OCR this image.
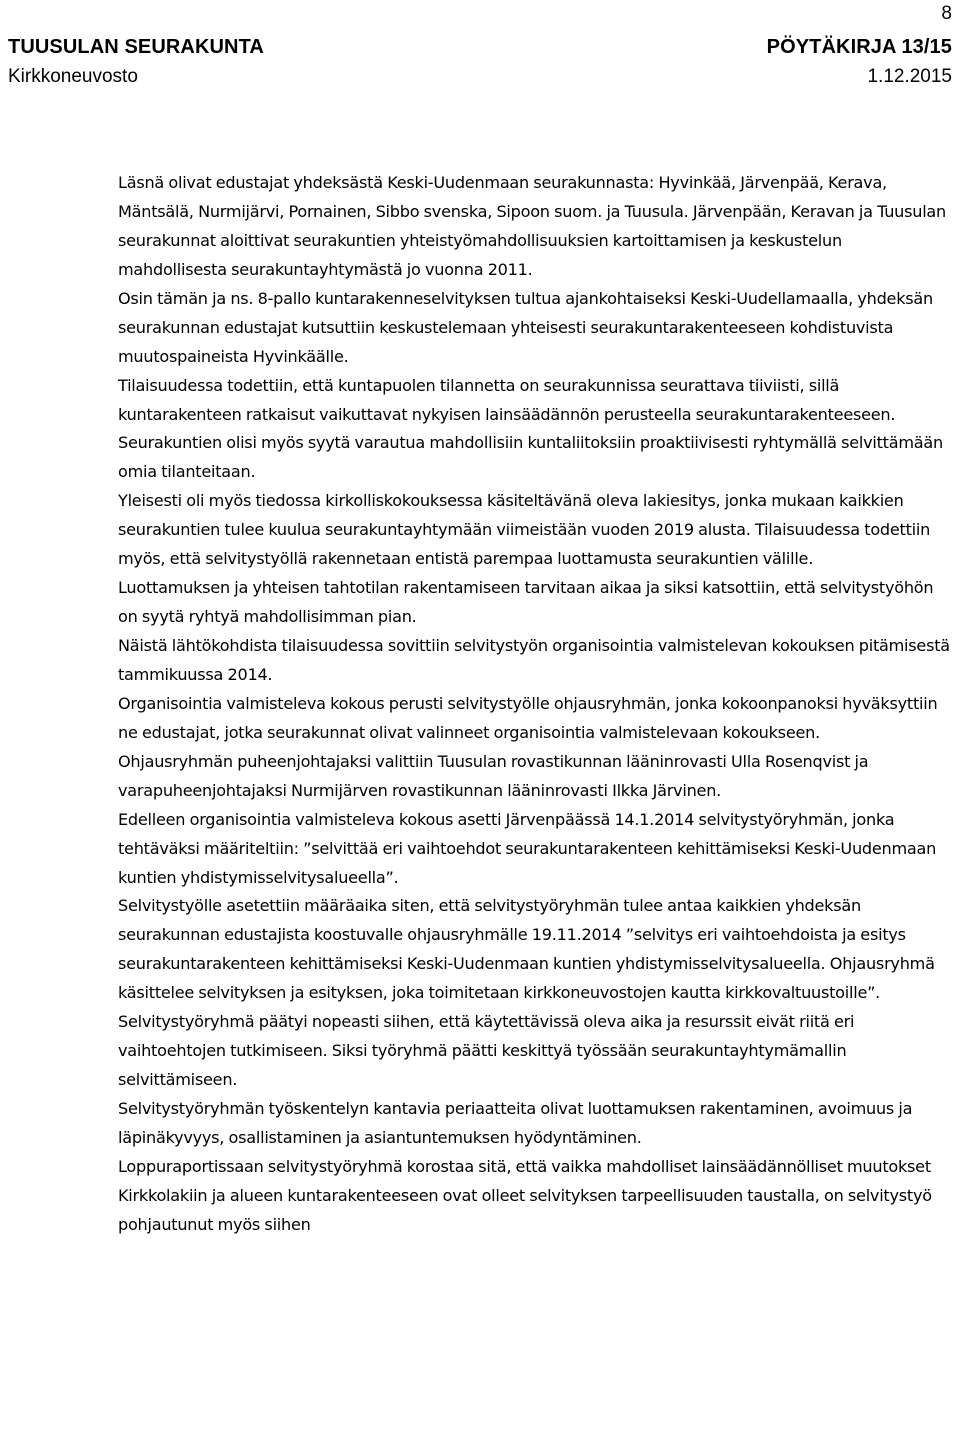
8
TUUSULAN SEURAKUNTA	PÖYTÄKIRJA 13/15
Kirkkoneuvosto	1.12.2015

Läsnä olivat edustajat yhdeksästä Keski-Uudenmaan seurakunnasta: Hyvinkää, Järvenpää, Kerava, Mäntsälä, Nurmijärvi, Pornainen, Sibbo svenska, Sipoon suom. ja Tuusula. Järvenpään, Keravan ja Tuusulan seurakunnat aloittivat seurakuntien yhteistyömahdollisuuksien kartoittamisen ja keskustelun mahdollisesta seurakuntayhtymästä jo vuonna 2011.

Osin tämän ja ns. 8-pallo kuntarakenneselvityksen tultua ajankohtaiseksi Keski-Uudellamaalla, yhdeksän seurakunnan edustajat kutsuttiin keskustelemaan yhteisesti seurakuntarakenteeseen kohdistuvista muutospaineista Hyvinkäälle.

Tilaisuudessa todettiin, että kuntapuolen tilannetta on seurakunnissa seurattava tiiviisti, sillä kuntarakenteen ratkaisut vaikuttavat nykyisen lainsäädännön perusteella seurakuntarakenteeseen. Seurakuntien olisi myös syytä varautua mahdollisiin kuntaliitoksiin proaktiivisesti ryhtymällä selvittämään omia tilanteitaan.

Yleisesti oli myös tiedossa kirkolliskokouksessa käsiteltävänä oleva lakiesitys, jonka mukaan kaikkien seurakuntien tulee kuulua seurakuntayhtymään viimeistään vuoden 2019 alusta. Tilaisuudessa todettiin myös, että selvitystyöllä rakennetaan entistä parempaa luottamusta seurakuntien välille.

Luottamuksen ja yhteisen tahtotilan rakentamiseen tarvitaan aikaa ja siksi katsottiin, että selvitystyöhön on syytä ryhtyä mahdollisimman pian.

Näistä lähtökohdista tilaisuudessa sovittiin selvitystyön organisointia valmistelevan kokouksen pitämisestä tammikuussa 2014.

Organisointia valmisteleva kokous perusti selvitystyölle ohjausryhmän, jonka kokoonpanoksi hyväksyttiin ne edustajat, jotka seurakunnat olivat valinneet organisointia valmistelevaan kokoukseen.

Ohjausryhmän puheenjohtajaksi valittiin Tuusulan rovastikunnan lääninrovasti Ulla Rosenqvist ja varapuheenjohtajaksi Nurmijärven rovastikunnan lääninrovasti Ilkka Järvinen.

Edelleen organisointia valmisteleva kokous asetti Järvenpäässä 14.1.2014 selvitystyöryhmän, jonka tehtäväksi määriteltiin: ”selvittää eri vaihtoehdot seurakuntarakenteen kehittämiseksi Keski-Uudenmaan kuntien yhdistymisselvitysalueella”.

Selvitystyölle asetettiin määräaika siten, että selvitystyöryhmän tulee antaa kaikkien yhdeksän seurakunnan edustajista koostuvalle ohjausryhmälle 19.11.2014 ”selvitys eri vaihtoehdoista ja esitys seurakuntarakenteen kehittämiseksi Keski-Uudenmaan kuntien yhdistymisselvitysalueella. Ohjausryhmä käsittelee selvityksen ja esityksen, joka toimitetaan kirkkoneuvostojen kautta kirkkovaltuustoille”.

Selvitystyöryhmä päätyi nopeasti siihen, että käytettävissä oleva aika ja resurssit eivät riitä eri vaihtoehtojen tutkimiseen. Siksi työryhmä päätti keskittyä työssään seurakuntayhtymämallin selvittämiseen.

Selvitystyöryhmän työskentelyn kantavia periaatteita olivat luottamuksen rakentaminen, avoimuus ja läpinäkyvyys, osallistaminen ja asiantuntemuksen hyödyntäminen.

Loppuraportissaan selvitystyöryhmä korostaa sitä, että vaikka mahdolliset lainsäädännölliset muutokset Kirkkolakiin ja alueen kuntarakenteeseen ovat olleet selvityksen tarpeellisuuden taustalla, on selvitystyö pohjautunut myös siihen
